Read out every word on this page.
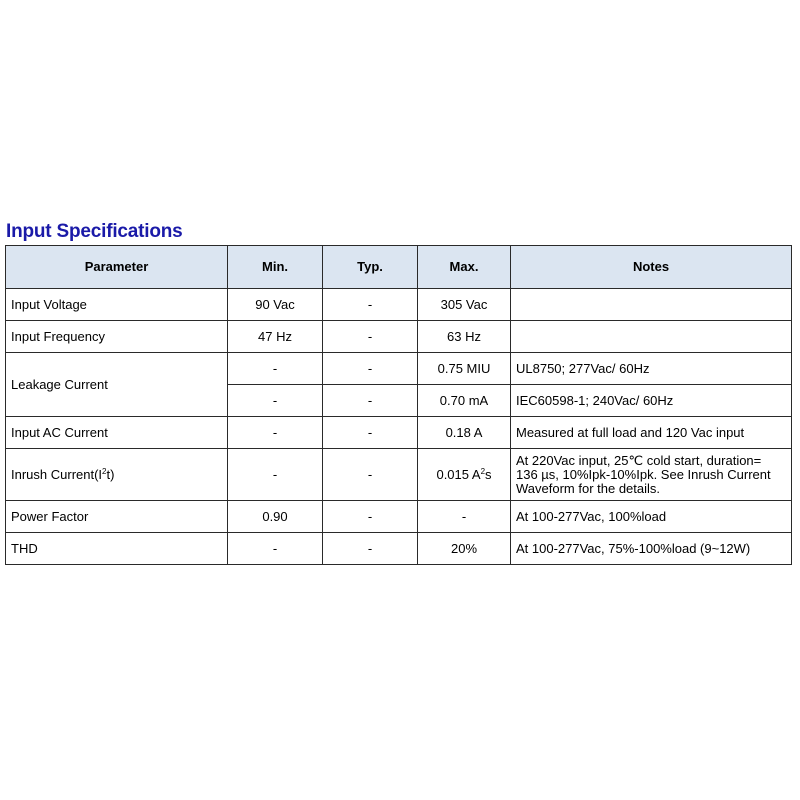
Input Specifications
Parameter	Min.	Typ.	Max.	Notes
Input Voltage	90 Vac	-	305 Vac	
Input Frequency	47 Hz	-	63 Hz	
Leakage Current	-	-	0.75 MIU	UL8750; 277Vac/ 60Hz
	-	-	0.70 mA	IEC60598-1; 240Vac/ 60Hz
Input AC Current	-	-	0.18 A	Measured at full load and 120 Vac input
Inrush $Current(I^2t)$	-	-	0.015 $A^2s$	At 220Vac input, 25℃ cold start, duration= 136 µs, 10%Ipk-10%Ipk. See Inrush Current Waveform for the details.
Power Factor	0.90	-	-	At 100-277Vac, 100%load
THD	-	-	20%	At 100-277Vac, 75%-100%load (9~12W)
